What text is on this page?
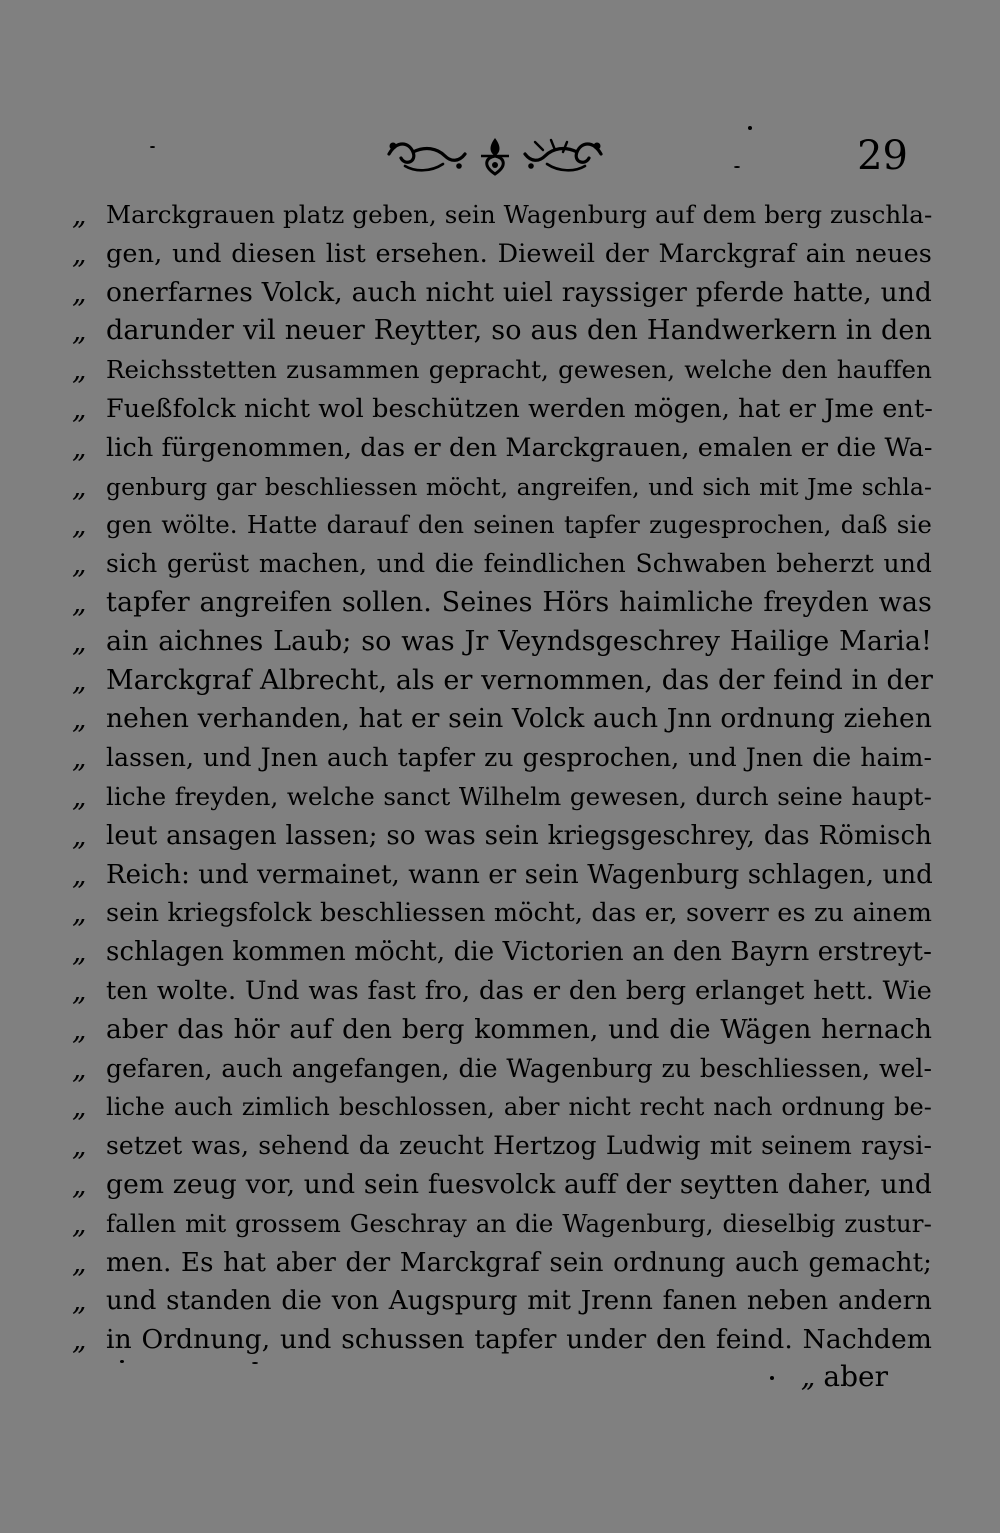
29
„ Marckgrauen platz geben, sein Wagenburg auf dem berg zuschla-
„ gen, und diesen list ersehen. Dieweil der Marckgraf ain neues
„ onerfarnes Volck, auch nicht uiel rayssiger pferde hatte, und
„ darunder vil neuer Reytter, so aus den Handwerkern in den
„ Reichsstetten zusammen gepracht, gewesen, welche den hauffen
„ Fueßfolck nicht wol beschützen werden mögen, hat er Jme ent-
„ lich fürgenommen, das er den Marckgrauen, emalen er die Wa-
„ genburg gar beschliessen möcht, angreifen, und sich mit Jme schla-
„ gen wölte. Hatte darauf den seinen tapfer zugesprochen, daß sie
„ sich gerüst machen, und die feindlichen Schwaben beherzt und
„ tapfer angreifen sollen. Seines Hörs haimliche freyden was
„ ain aichnes Laub; so was Jr Veyndsgeschrey Hailige Maria!
„ Marckgraf Albrecht, als er vernommen, das der feind in der
„ nehen verhanden, hat er sein Volck auch Jnn ordnung ziehen
„ lassen, und Jnen auch tapfer zu gesprochen, und Jnen die haim-
„ liche freyden, welche sanct Wilhelm gewesen, durch seine haupt-
„ leut ansagen lassen; so was sein kriegsgeschrey, das Römisch
„ Reich: und vermainet, wann er sein Wagenburg schlagen, und
„ sein kriegsfolck beschliessen möcht, das er, soverr es zu ainem
„ schlagen kommen möcht, die Victorien an den Bayrn erstreyt-
„ ten wolte. Und was fast fro, das er den berg erlanget hett. Wie
„ aber das hör auf den berg kommen, und die Wägen hernach
„ gefaren, auch angefangen, die Wagenburg zu beschliessen, wel-
„ liche auch zimlich beschlossen, aber nicht recht nach ordnung be-
„ setzet was, sehend da zeucht Hertzog Ludwig mit seinem raysi-
„ gem zeug vor, und sein fuesvolck auff der seytten daher, und
„ fallen mit grossem Geschray an die Wagenburg, dieselbig zustur-
„ men. Es hat aber der Marckgraf sein ordnung auch gemacht;
„ und standen die von Augspurg mit Jrenn fanen neben andern
„ in Ordnung, und schussen tapfer under den feind. Nachdem
„ aber
